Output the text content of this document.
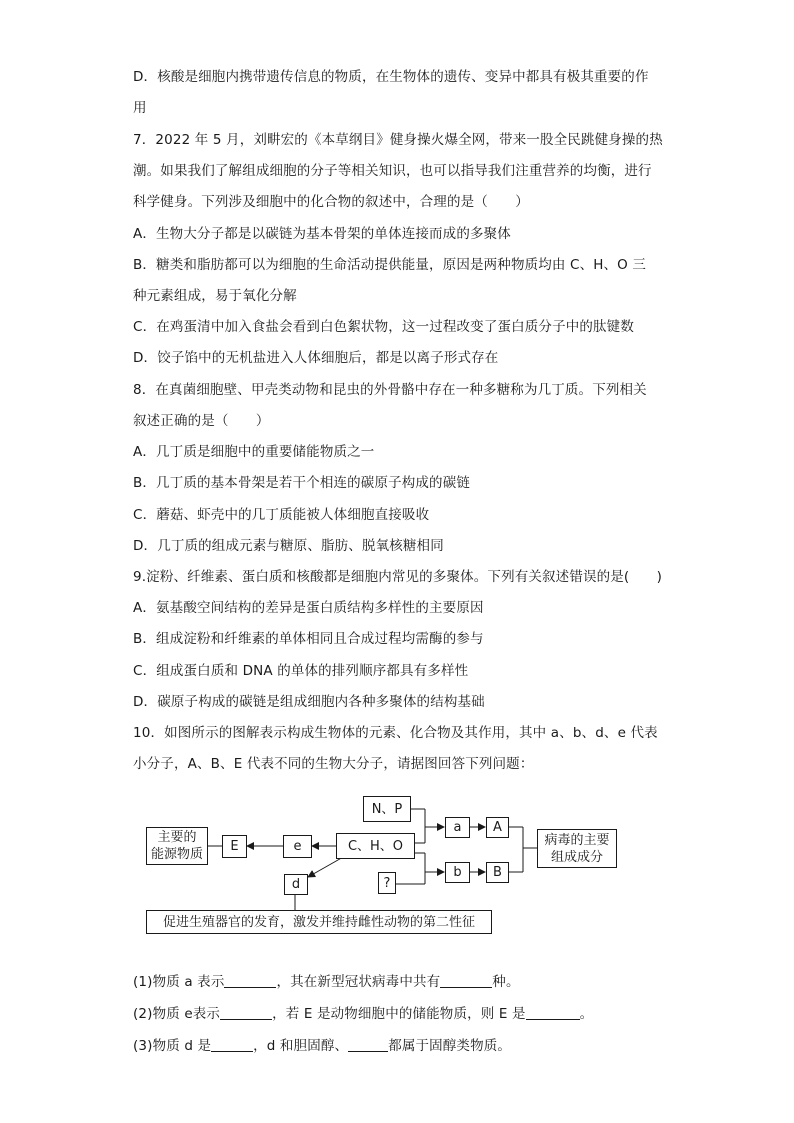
D．核酸是细胞内携带遗传信息的物质，在生物体的遗传、变异中都具有极其重要的作
用
7．2022 年 5 月，刘畊宏的《本草纲目》健身操火爆全网，带来一股全民跳健身操的热
潮。如果我们了解组成细胞的分子等相关知识，也可以指导我们注重营养的均衡，进行
科学健身。下列涉及细胞中的化合物的叙述中，合理的是（　　）
A．生物大分子都是以碳链为基本骨架的单体连接而成的多聚体
B．糖类和脂肪都可以为细胞的生命活动提供能量，原因是两种物质均由 C、H、O 三
种元素组成，易于氧化分解
C．在鸡蛋清中加入食盐会看到白色絮状物，这一过程改变了蛋白质分子中的肽键数
D．饺子馅中的无机盐进入人体细胞后，都是以离子形式存在
8．在真菌细胞壁、甲壳类动物和昆虫的外骨骼中存在一种多糖称为几丁质。下列相关
叙述正确的是（　　）
A．几丁质是细胞中的重要储能物质之一
B．几丁质的基本骨架是若干个相连的碳原子构成的碳链
C．蘑菇、虾壳中的几丁质能被人体细胞直接吸收
D．几丁质的组成元素与糖原、脂肪、脱氧核糖相同
9.淀粉、纤维素、蛋白质和核酸都是细胞内常见的多聚体。下列有关叙述错误的是(　　)
A．氨基酸空间结构的差异是蛋白质结构多样性的主要原因
B．组成淀粉和纤维素的单体相同且合成过程均需酶的参与
C．组成蛋白质和 DNA 的单体的排列顺序都具有多样性
D．碳原子构成的碳链是组成细胞内各种多聚体的结构基础
10．如图所示的图解表示构成生物体的元素、化合物及其作用，其中 a、b、d、e 代表
小分子，A、B、E 代表不同的生物大分子，请据图回答下列问题：
N、P
C、H、O
?
a
b
A
B
e
E
d
主要的
能源物质
病毒的主要
组成成分
促进生殖器官的发育，激发并维持雌性动物的第二性征
(1)物质 a 表示	，其在新型冠状病毒中共有	种。
(2)物质 e表示	，若 E 是动物细胞中的储能物质，则 E 是	。
(3)物质 d 是	，d 和胆固醇、	都属于固醇类物质。
